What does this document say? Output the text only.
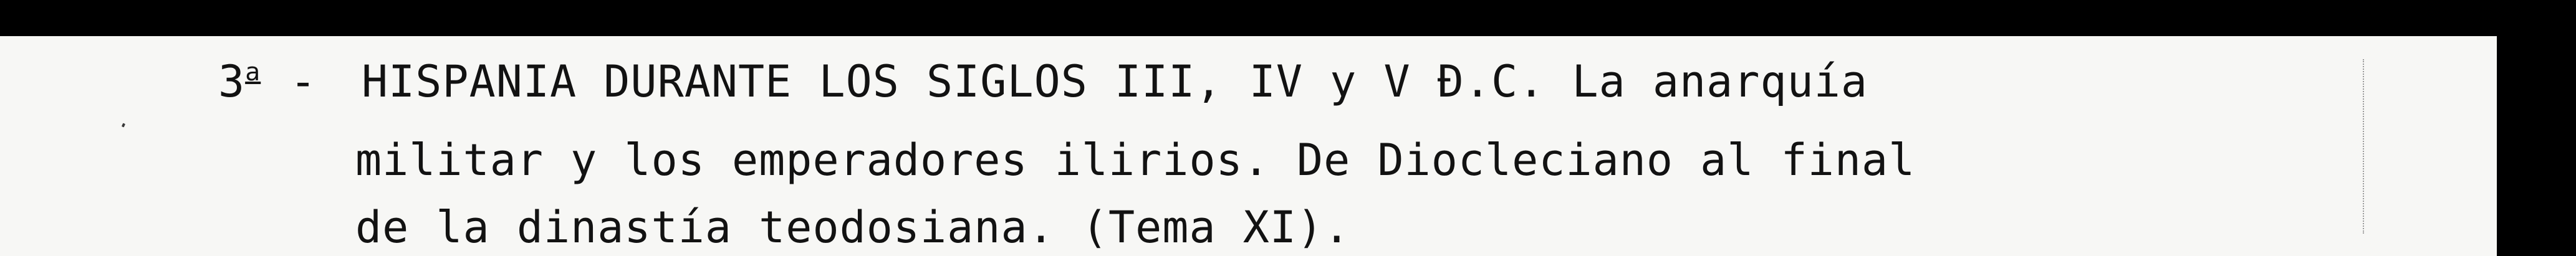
3$^a$ - HISPANIA DURANTE LOS SIGLOS III, IV y V Đ.C. La anarquía
militar y los emperadores ilirios. De Diocleciano al final
de la dinastía teodosiana. (Tema XI).
